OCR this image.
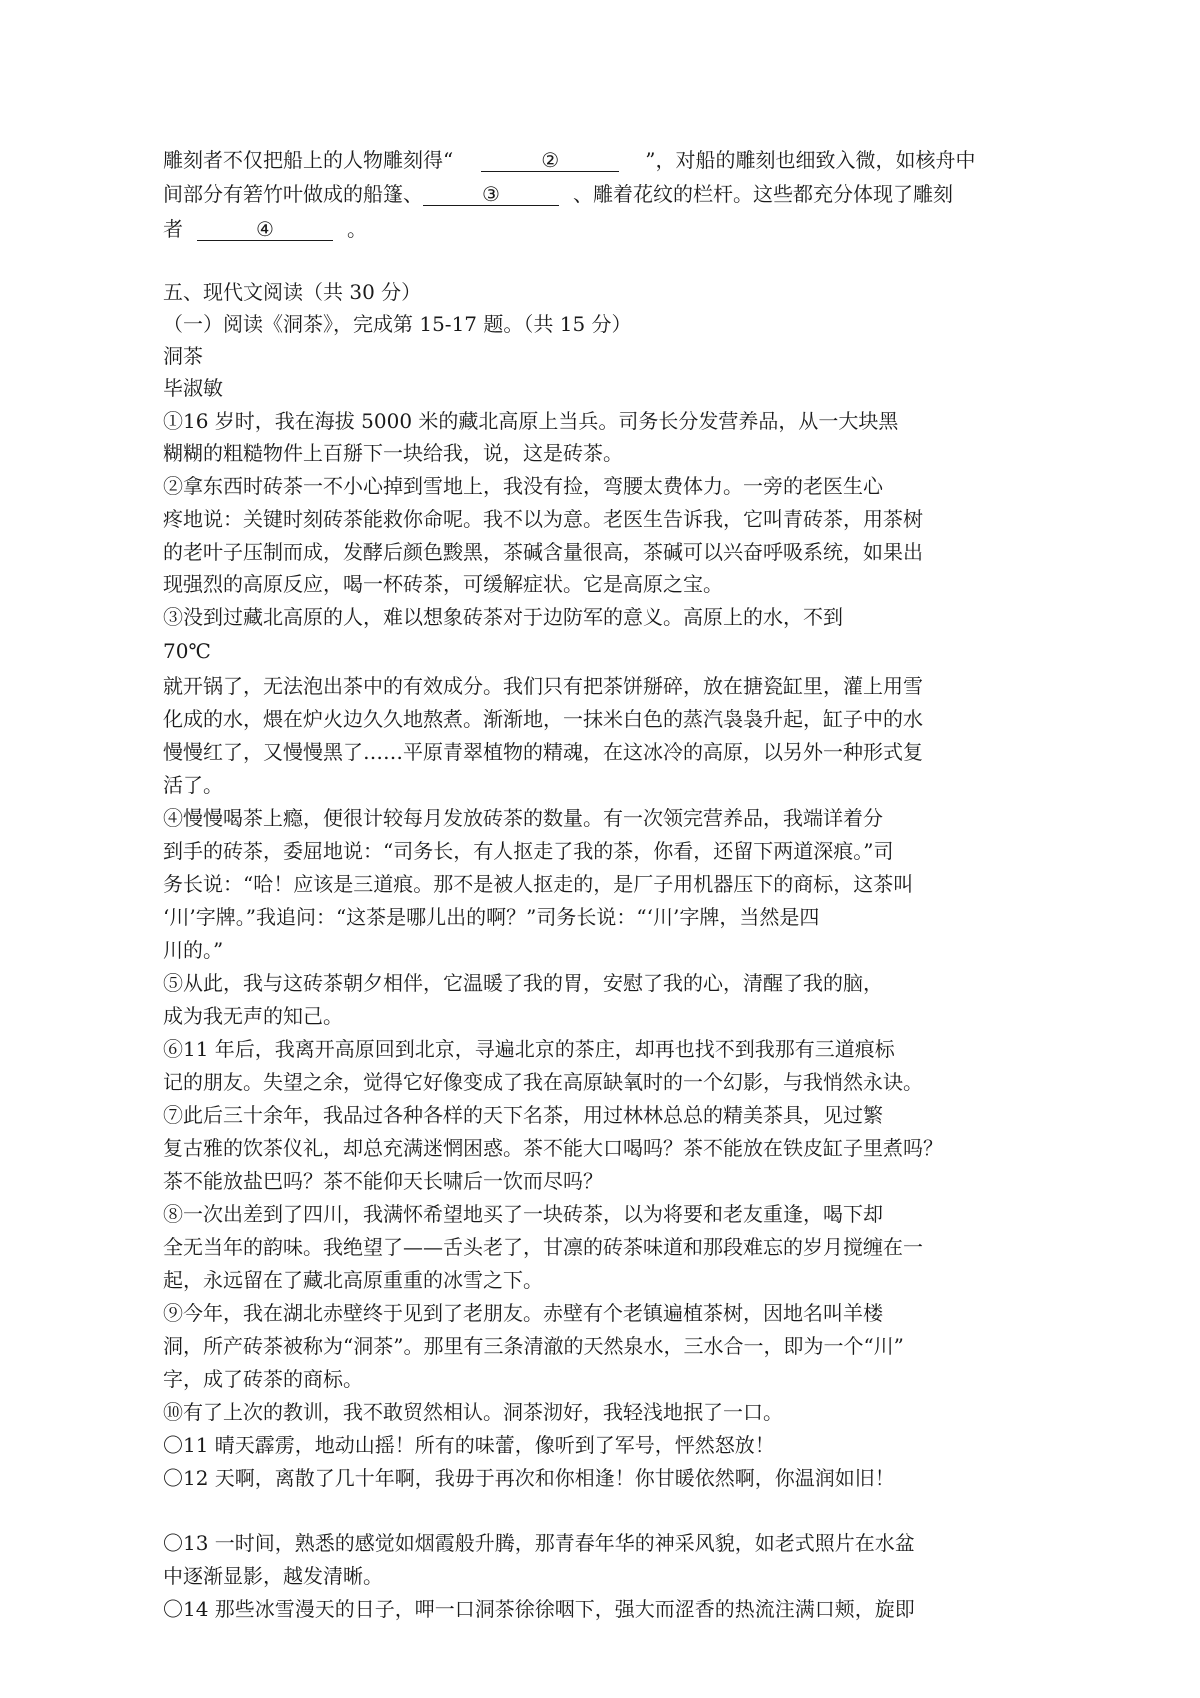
雕刻者不仅把船上的人物雕刻得“	②	”，对船的雕刻也细致入微，如核舟中
间部分有箬竹叶做成的船篷、	③	、雕着花纹的栏杆。这些都充分体现了雕刻
者	④	。
五、现代文阅读（共 30 分）
（一）阅读《洞茶》，完成第 15-17 题。（共 15 分）
洞茶
毕淑敏
①16 岁时，我在海拔 5000 米的藏北高原上当兵。司务长分发营养品，从一大块黑
糊糊的粗糙物件上百掰下一块给我，说，这是砖茶。
②拿东西时砖茶一不小心掉到雪地上，我没有捡，弯腰太费体力。一旁的老医生心
疼地说：关键时刻砖茶能救你命呢。我不以为意。老医生告诉我，它叫青砖茶，用茶树
的老叶子压制而成，发酵后颜色黢黑，茶碱含量很高，茶碱可以兴奋呼吸系统，如果出
现强烈的高原反应，喝一杯砖茶，可缓解症状。它是高原之宝。
③没到过藏北高原的人，难以想象砖茶对于边防军的意义。高原上的水，不到
70℃
就开锅了，无法泡出茶中的有效成分。我们只有把茶饼掰碎，放在搪瓷缸里，灌上用雪
化成的水，煨在炉火边久久地熬煮。渐渐地，一抹米白色的蒸汽袅袅升起，缸子中的水
慢慢红了，又慢慢黑了……平原青翠植物的精魂，在这冰冷的高原，以另外一种形式复
活了。
④慢慢喝茶上瘾，便很计较每月发放砖茶的数量。有一次领完营养品，我端详着分
到手的砖茶，委屈地说：“司务长，有人抠走了我的茶，你看，还留下两道深痕。”司
务长说：“哈！应该是三道痕。那不是被人抠走的，是厂子用机器压下的商标，这茶叫
‘川’字牌。”我追问：“这茶是哪儿出的啊？”司务长说：“‘川’字牌，当然是四
川的。”
⑤从此，我与这砖茶朝夕相伴，它温暖了我的胃，安慰了我的心，清醒了我的脑，
成为我无声的知己。
⑥11 年后，我离开高原回到北京，寻遍北京的茶庄，却再也找不到我那有三道痕标
记的朋友。失望之余，觉得它好像变成了我在高原缺氧时的一个幻影，与我悄然永诀。
⑦此后三十余年，我品过各种各样的天下名茶，用过林林总总的精美茶具，见过繁
复古雅的饮茶仪礼，却总充满迷惘困惑。茶不能大口喝吗？茶不能放在铁皮缸子里煮吗？
茶不能放盐巴吗？茶不能仰天长啸后一饮而尽吗？
⑧一次出差到了四川，我满怀希望地买了一块砖茶，以为将要和老友重逢，喝下却
全无当年的韵味。我绝望了——舌头老了，甘凛的砖茶味道和那段难忘的岁月搅缠在一
起，永远留在了藏北高原重重的冰雪之下。
⑨今年，我在湖北赤壁终于见到了老朋友。赤壁有个老镇遍植茶树，因地名叫羊楼
洞，所产砖茶被称为“洞茶”。那里有三条清澈的天然泉水，三水合一，即为一个“川”
字，成了砖茶的商标。
⑩有了上次的教训，我不敢贸然相认。洞茶沏好，我轻浅地抿了一口。
〇11 晴天霹雳，地动山摇！所有的味蕾，像听到了军号，怦然怒放！
〇12 天啊，离散了几十年啊，我毋于再次和你相逢！你甘暖依然啊，你温润如旧！
〇13 一时间，熟悉的感觉如烟霞般升腾，那青春年华的神采风貌，如老式照片在水盆
中逐渐显影，越发清晰。
〇14 那些冰雪漫天的日子，呷一口洞茶徐徐咽下，强大而涩香的热流注满口颊，旋即
